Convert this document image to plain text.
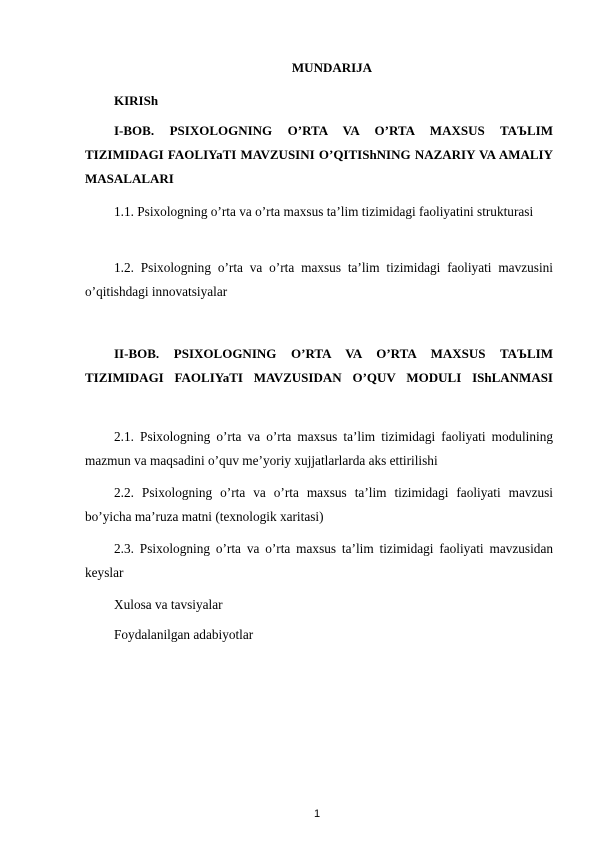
MUNDARIJA
KIRISh
I-BOB. PSIXOLOGNING O’RTA VA O’RTA MAXSUS TAЪLIM TIZIMIDAGI FAOLIYaTI MAVZUSINI O’QITIShNING NAZARIY VA AMALIY MASALALARI
1.1. Psixologning o’rta va o’rta maxsus ta’lim tizimidagi faoliyatini strukturasi
1.2. Psixologning o’rta va o’rta maxsus ta’lim tizimidagi faoliyati mavzusini o’qitishdagi innovatsiyalar
II-BOB. PSIXOLOGNING O’RTA VA O’RTA MAXSUS TAЪLIM TIZIMIDAGI FAOLIYaTI MAVZUSIDAN O’QUV MODULI IShLANMASI
2.1. Psixologning o’rta va o’rta maxsus ta’lim tizimidagi faoliyati modulining mazmun va maqsadini o’quv me’yoriy xujjatlarlarda aks ettirilishi
2.2. Psixologning o’rta va o’rta maxsus ta’lim tizimidagi faoliyati mavzusi bo’yicha ma’ruza matni (texnologik xaritasi)
2.3. Psixologning o’rta va o’rta maxsus ta’lim tizimidagi faoliyati mavzusidan keyslar
Xulosa va tavsiyalar
Foydalanilgan adabiyotlar
1
